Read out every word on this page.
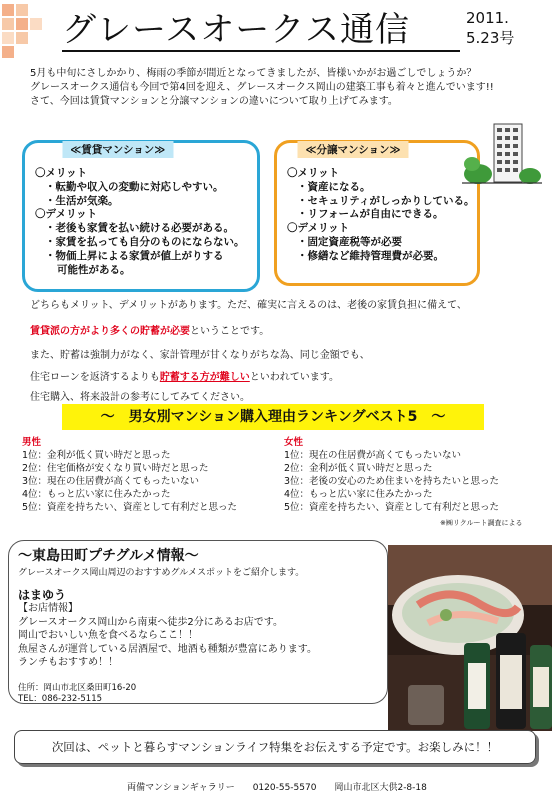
グレースオークス通信	2011.
5.23号

5月も中旬にさしかかり、梅雨の季節が間近となってきましたが、皆様いかがお過ごしでしょうか？

グレースオークス通信も今回で第4回を迎え、グレースオークス岡山の建築工事も着々と進んでいます!!

さて、今回は賃貸マンションと分譲マンションの違いについて取り上げてみます。

≪賃貸マンション≫
〇メリット
・転勤や収入の変動に対応しやすい。
・生活が気楽。
〇デメリット
・老後も家賃を払い続ける必要がある。
・家賃を払っても自分のものにならない。
・物価上昇による家賃が値上がりする
可能性がある。
≪分譲マンション≫
〇メリット
・資産になる。
・セキュリティがしっかりしている。
・リフォームが自由にできる。
〇デメリット
・固定資産税等が必要
・修繕など維持管理費が必要。

どちらもメリット、デメリットがあります。ただ、確実に言えるのは、老後の家賃負担に備えて、

賃貸派の方がより多くの貯蓄が必要ということです。

また、貯蓄は強制力がなく、家計管理が甘くなりがちな為、同じ金額でも、

住宅ローンを返済するよりも貯蓄する方が難しいといわれています。

住宅購入、将来設計の参考にしてみてください。

～　男女別マンション購入理由ランキングベスト5　～
男性
1位：金利が低く買い時だと思った
2位：住宅価格が安くなり買い時だと思った
3位：現在の住居費が高くてもったいない
4位：もっと広い家に住みたかった
5位：資産を持ちたい、資産として有利だと思った
女性
1位：現在の住居費が高くてもったいない
2位：金利が低く買い時だと思った
3位：老後の安心のため住まいを持ちたいと思った
4位：もっと広い家に住みたかった
5位：資産を持ちたい、資産として有利だと思った
※㈱リクルート調査による
～東島田町プチグルメ情報～
グレースオークス岡山周辺のおすすめグルメスポットをご紹介します。
はまゆう
【お店情報】
グレースオークス岡山から南東へ徒歩2分にあるお店です。
岡山でおいしい魚を食べるならここ！！
魚屋さんが運営している居酒屋で、地酒も種類が豊富にあります。
ランチもおすすめ！！
住所：岡山市北区桑田町16-20
TEL：086-232-5115
次回は、ペットと暮らすマンションライフ特集をお伝えする予定です。お楽しみに！！
両備マンションギャラリー　　0120-55-5570　　岡山市北区大供2-8-18
